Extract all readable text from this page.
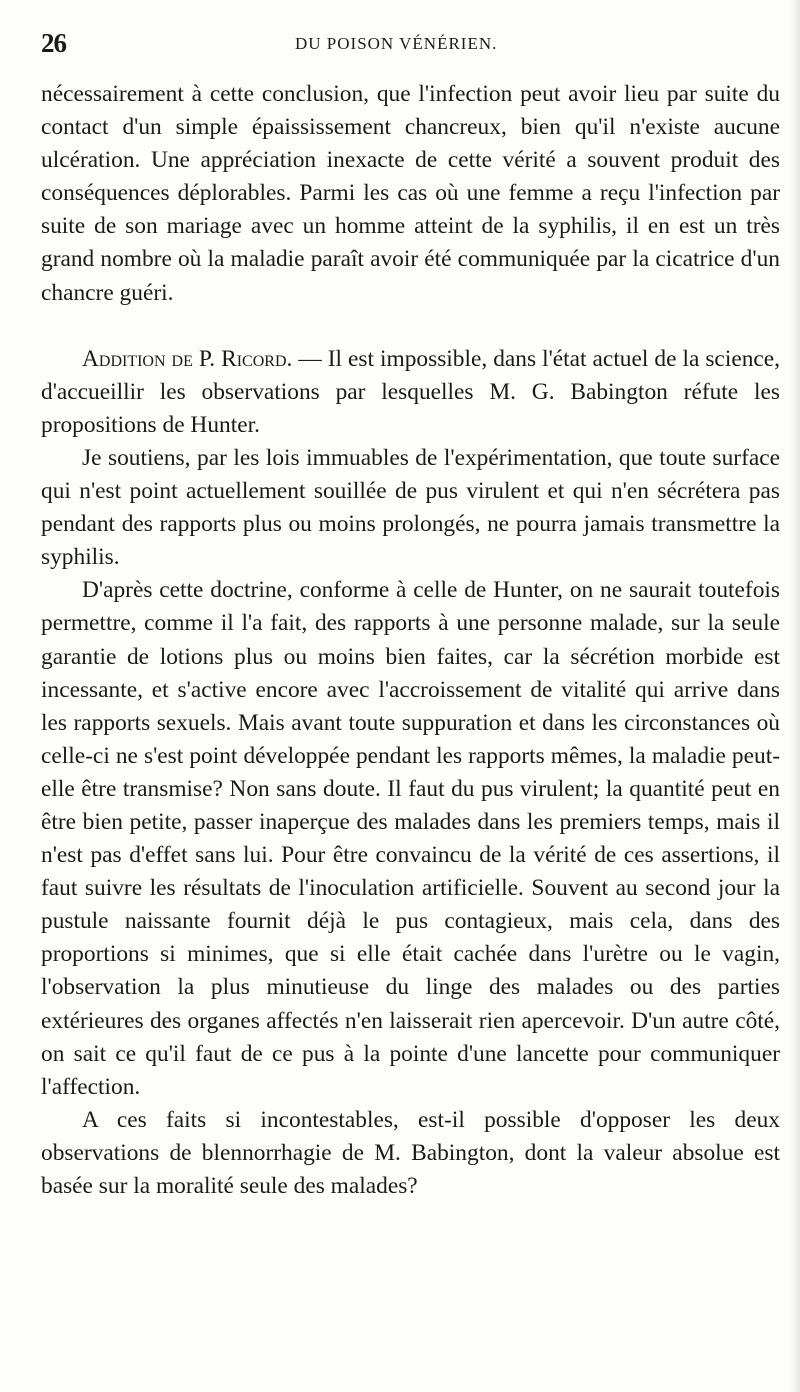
26	DU POISON VÉNÉRIEN.

nécessairement à cette conclusion, que l'infection peut avoir lieu par suite du contact d'un simple épaississement chancreux, bien qu'il n'existe aucune ulcération. Une appréciation inexacte de cette vérité a souvent produit des conséquences déplorables. Parmi les cas où une femme a reçu l'infection par suite de son mariage avec un homme atteint de la syphilis, il en est un très grand nombre où la maladie paraît avoir été communiquée par la cicatrice d'un chancre guéri.

Addition de P. Ricord. — Il est impossible, dans l'état actuel de la science, d'accueillir les observations par lesquelles M. G. Babington réfute les propositions de Hunter.

Je soutiens, par les lois immuables de l'expérimentation, que toute surface qui n'est point actuellement souillée de pus virulent et qui n'en sécrétera pas pendant des rapports plus ou moins prolongés, ne pourra jamais transmettre la syphilis.

D'après cette doctrine, conforme à celle de Hunter, on ne saurait toutefois permettre, comme il l'a fait, des rapports à une personne malade, sur la seule garantie de lotions plus ou moins bien faites, car la sécrétion morbide est incessante, et s'active encore avec l'accroissement de vitalité qui arrive dans les rapports sexuels. Mais avant toute suppuration et dans les circonstances où celle-ci ne s'est point développée pendant les rapports mêmes, la maladie peut-elle être transmise? Non sans doute. Il faut du pus virulent; la quantité peut en être bien petite, passer inaperçue des malades dans les premiers temps, mais il n'est pas d'effet sans lui. Pour être convaincu de la vérité de ces assertions, il faut suivre les résultats de l'inoculation artificielle. Souvent au second jour la pustule naissante fournit déjà le pus contagieux, mais cela, dans des proportions si minimes, que si elle était cachée dans l'urètre ou le vagin, l'observation la plus minutieuse du linge des malades ou des parties extérieures des organes affectés n'en laisserait rien apercevoir. D'un autre côté, on sait ce qu'il faut de ce pus à la pointe d'une lancette pour communiquer l'affection.

A ces faits si incontestables, est-il possible d'opposer les deux observations de blennorrhagie de M. Babington, dont la valeur absolue est basée sur la moralité seule des malades?
